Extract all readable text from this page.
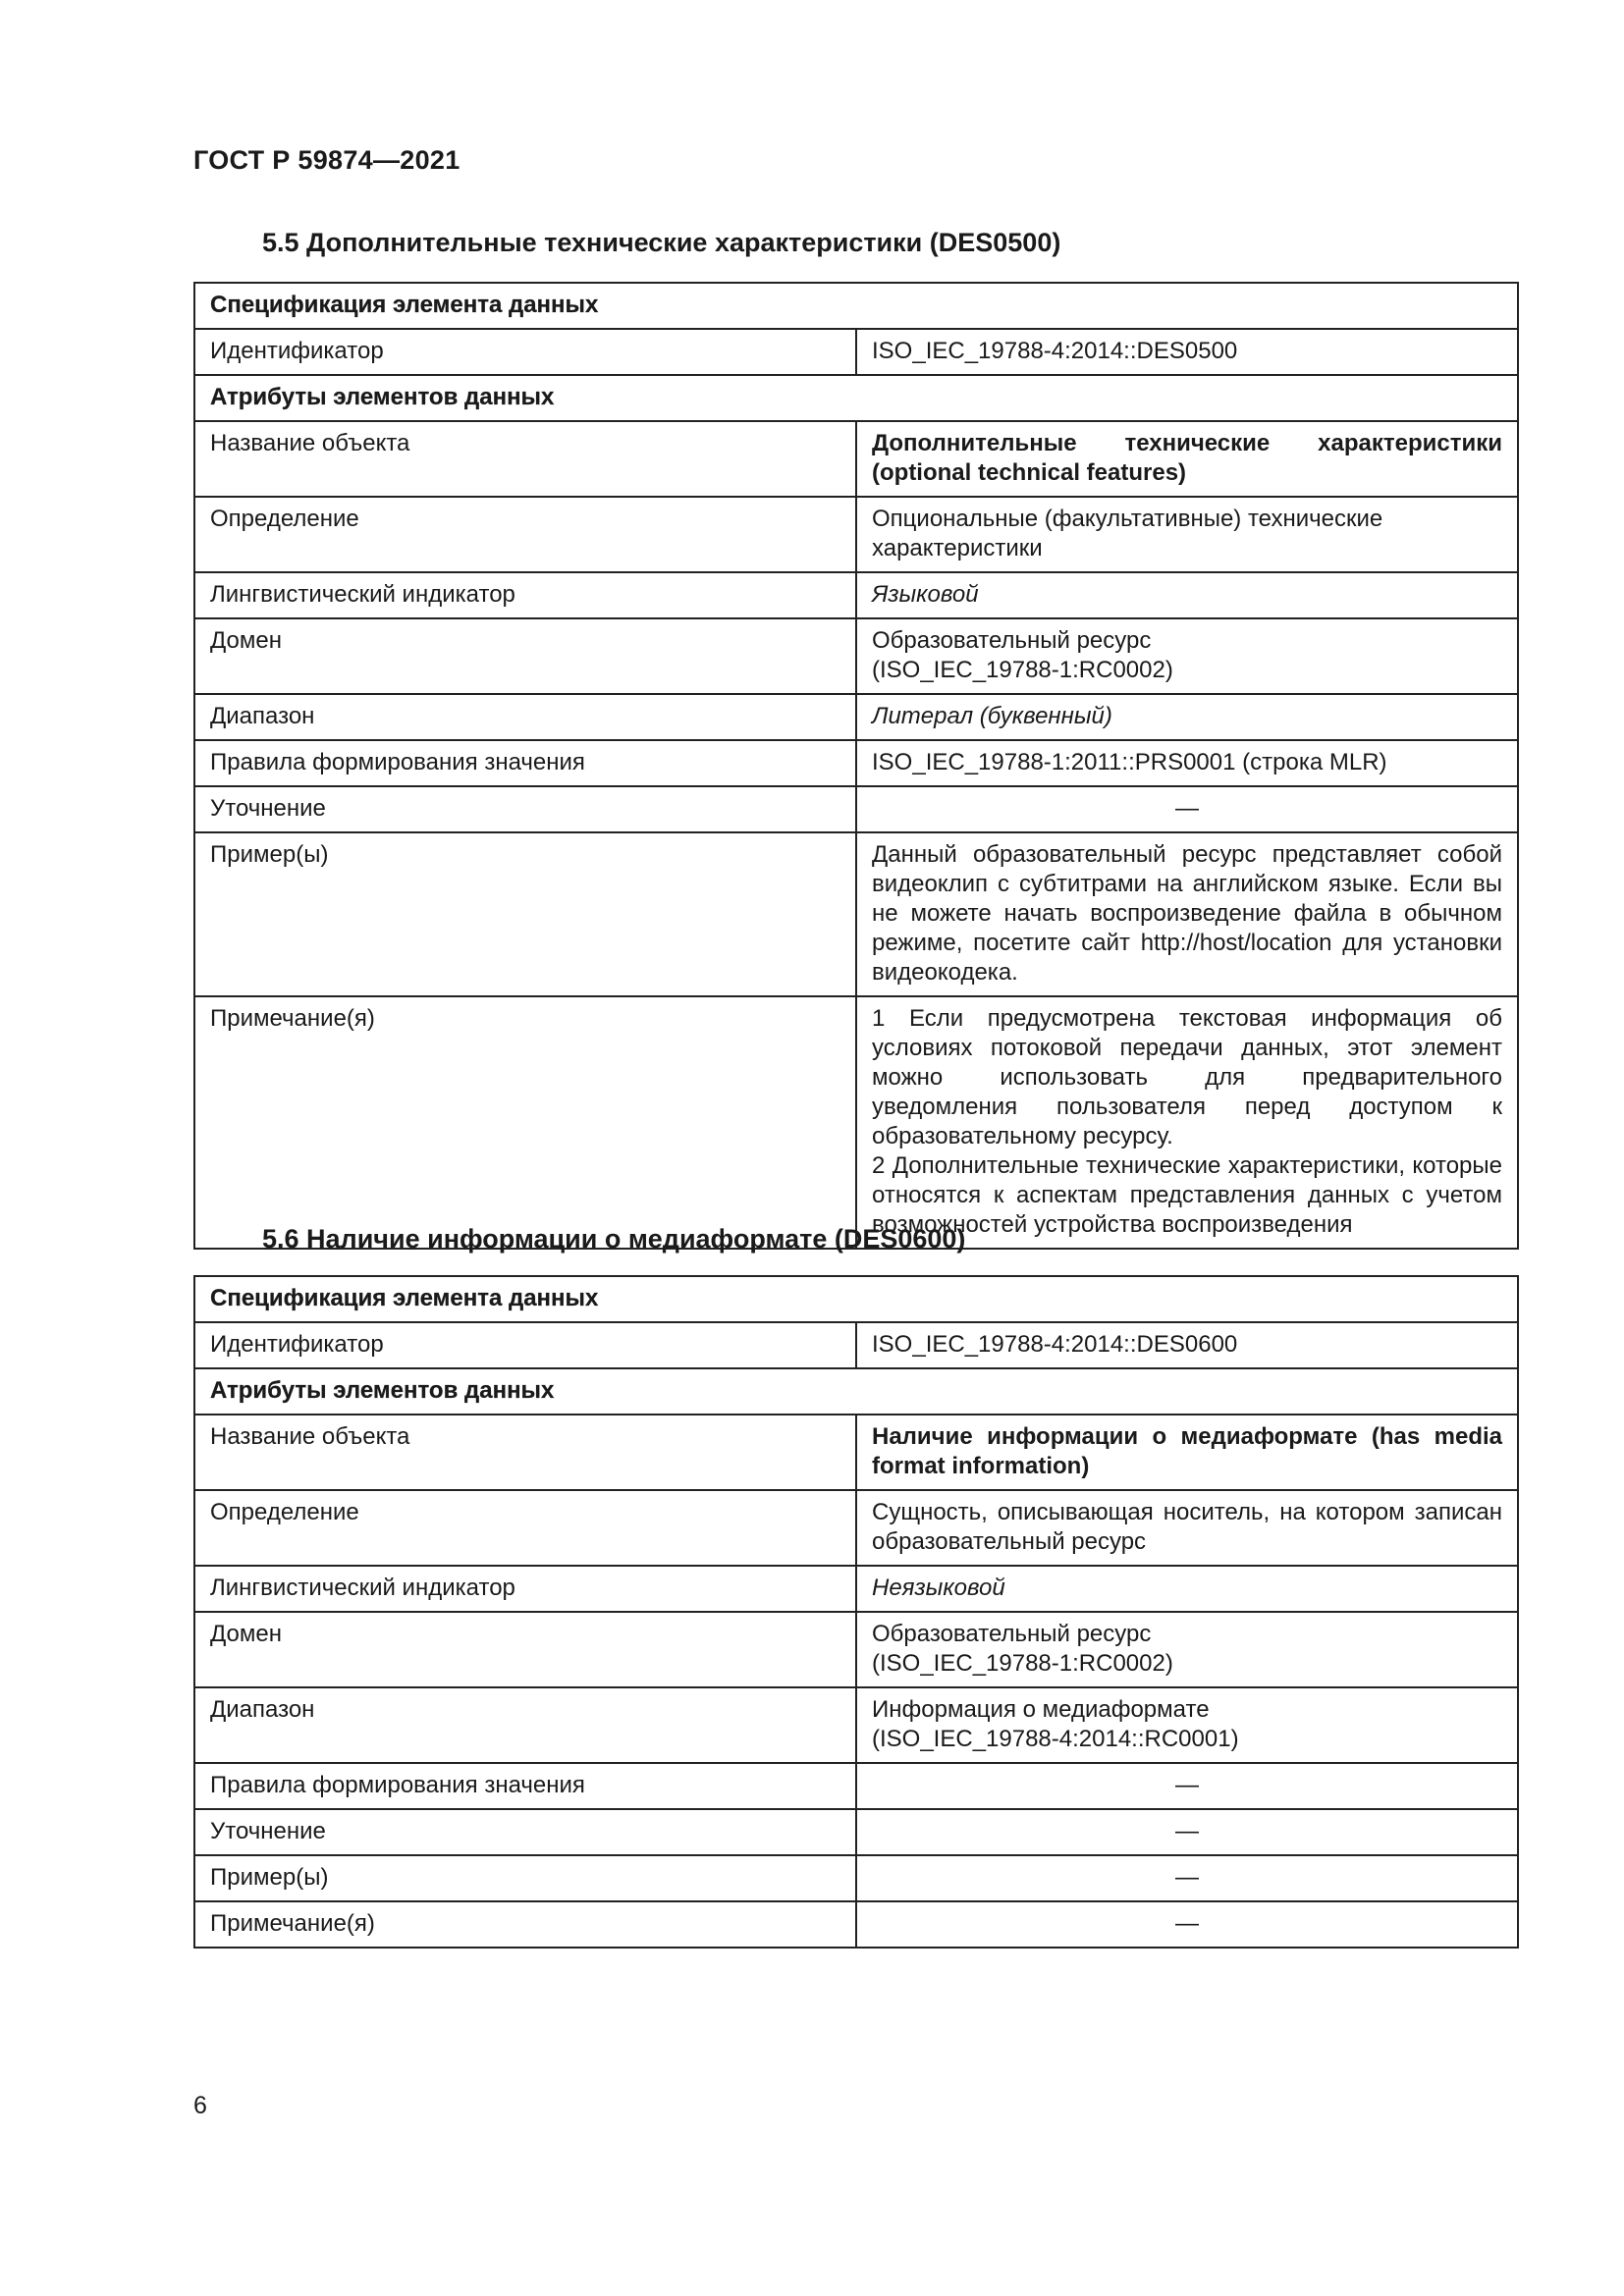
ГОСТ Р 59874—2021
5.5 Дополнительные технические характеристики (DES0500)
Спецификация элемента данных	
Идентификатор	ISO_IEC_19788-4:2014::DES0500
Атрибуты элементов данных	
Название объекта	Дополнительные технические характеристики (optional technical features)
Определение	Опциональные (факультативные) технические характеристики
Лингвистический индикатор	Языковой
Домен	Образовательный ресурс
(ISO_IEC_19788-1:RC0002)

Диапазон	Литерал (буквенный)
Правила формирования значения	ISO_IEC_19788-1:2011::PRS0001 (строка MLR)
Уточнение	—
Пример(ы)	Данный образовательный ресурс представляет собой видеоклип с субтитрами на английском языке. Если вы не можете начать воспроизведение файла в обычном режиме, посетите сайт http://host/location для установки видеокодека.
Примечание(я)	1 Если предусмотрена текстовая информация об условиях потоковой передачи данных, этот элемент можно использовать для предварительного уведомления пользователя перед доступом к образовательному ресурсу.
2 Дополнительные технические характеристики, которые относятся к аспектам представления данных с учетом возможностей устройства воспроизведения
5.6 Наличие информации о медиаформате (DES0600)
Спецификация элемента данных	
Идентификатор	ISO_IEC_19788-4:2014::DES0600
Атрибуты элементов данных	
Название объекта	Наличие информации о медиаформате (has media format information)
Определение	Сущность, описывающая носитель, на котором записан образовательный ресурс
Лингвистический индикатор	Неязыковой
Домен	Образовательный ресурс
(ISO_IEC_19788-1:RC0002)

Диапазон	Информация о медиаформате
(ISO_IEC_19788-4:2014::RC0001)

Правила формирования значения	—
Уточнение	—
Пример(ы)	—
Примечание(я)	—
6
